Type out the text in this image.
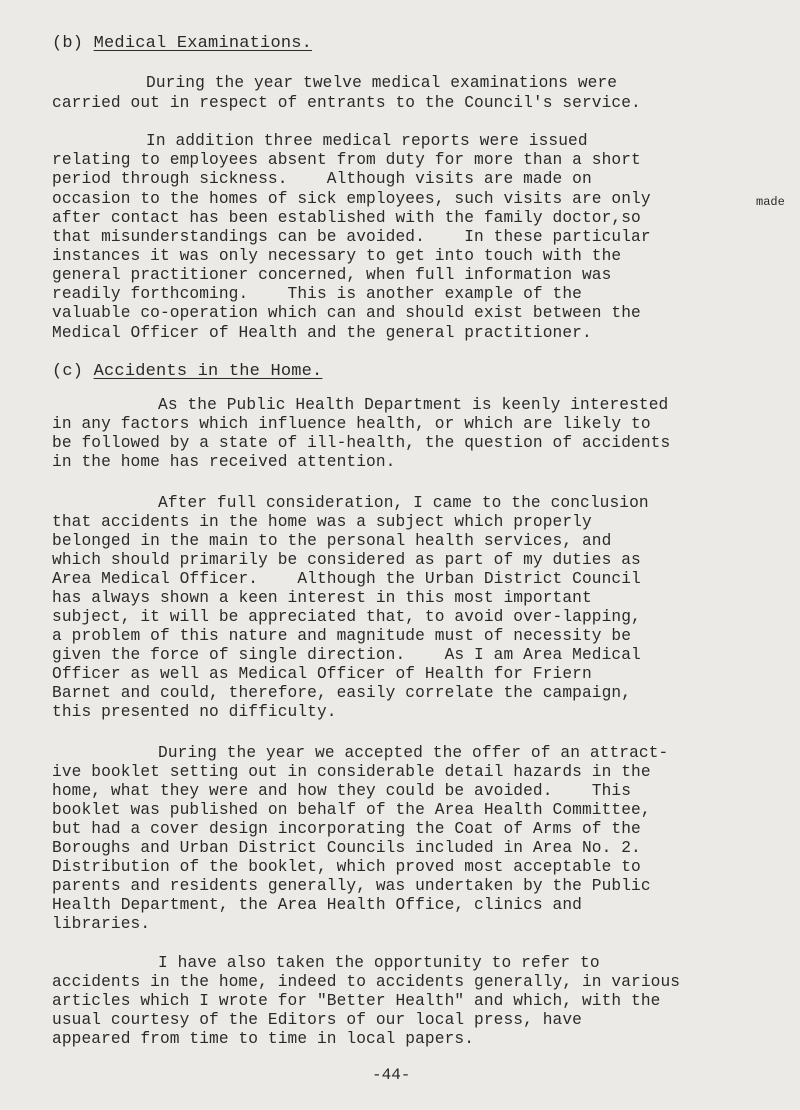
(b) Medical Examinations.
During the year twelve medical examinations were
carried out in respect of entrants to the Council's service.
In addition three medical reports were issued
relating to employees absent from duty for more than a short
period through sickness.    Although visits are made on
occasion to the homes of sick employees, such visits are only	made
after contact has been established with the family doctor,so
that misunderstandings can be avoided.    In these particular
instances it was only necessary to get into touch with the
general practitioner concerned, when full information was
readily forthcoming.    This is another example of the
valuable co-operation which can and should exist between the
Medical Officer of Health and the general practitioner.
(c) Accidents in the Home.
As the Public Health Department is keenly interested
in any factors which influence health, or which are likely to
be followed by a state of ill-health, the question of accidents
in the home has received attention.
After full consideration, I came to the conclusion
that accidents in the home was a subject which properly
belonged in the main to the personal health services, and
which should primarily be considered as part of my duties as
Area Medical Officer.    Although the Urban District Council
has always shown a keen interest in this most important
subject, it will be appreciated that, to avoid over-lapping,
a problem of this nature and magnitude must of necessity be
given the force of single direction.    As I am Area Medical
Officer as well as Medical Officer of Health for Friern
Barnet and could, therefore, easily correlate the campaign,
this presented no difficulty.
During the year we accepted the offer of an attract-
ive booklet setting out in considerable detail hazards in the
home, what they were and how they could be avoided.    This
booklet was published on behalf of the Area Health Committee,
but had a cover design incorporating the Coat of Arms of the
Boroughs and Urban District Councils included in Area No. 2.
Distribution of the booklet, which proved most acceptable to
parents and residents generally, was undertaken by the Public
Health Department, the Area Health Office, clinics and
libraries.
I have also taken the opportunity to refer to
accidents in the home, indeed to accidents generally, in various
articles which I wrote for "Better Health" and which, with the
usual courtesy of the Editors of our local press, have
appeared from time to time in local papers.
-44-
